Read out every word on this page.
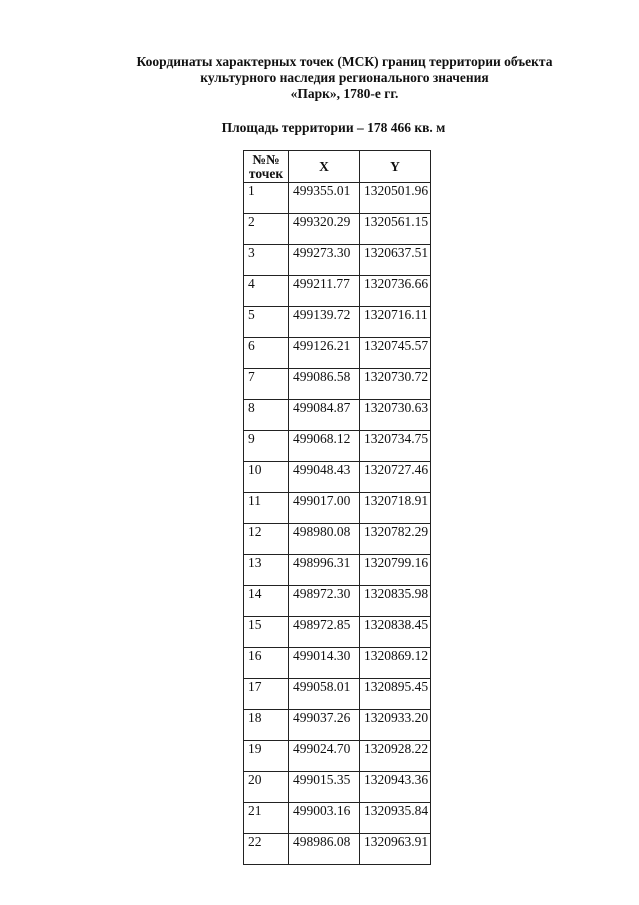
Координаты характерных точек (МСК) границ территории объекта
культурного наследия регионального значения
«Парк», 1780-е гг.
Площадь территории – 178 466 кв. м
№№
точек	X	Y
1	499355.01	1320501.96
2	499320.29	1320561.15
3	499273.30	1320637.51
4	499211.77	1320736.66
5	499139.72	1320716.11
6	499126.21	1320745.57
7	499086.58	1320730.72
8	499084.87	1320730.63
9	499068.12	1320734.75
10	499048.43	1320727.46
11	499017.00	1320718.91
12	498980.08	1320782.29
13	498996.31	1320799.16
14	498972.30	1320835.98
15	498972.85	1320838.45
16	499014.30	1320869.12
17	499058.01	1320895.45
18	499037.26	1320933.20
19	499024.70	1320928.22
20	499015.35	1320943.36
21	499003.16	1320935.84
22	498986.08	1320963.91
